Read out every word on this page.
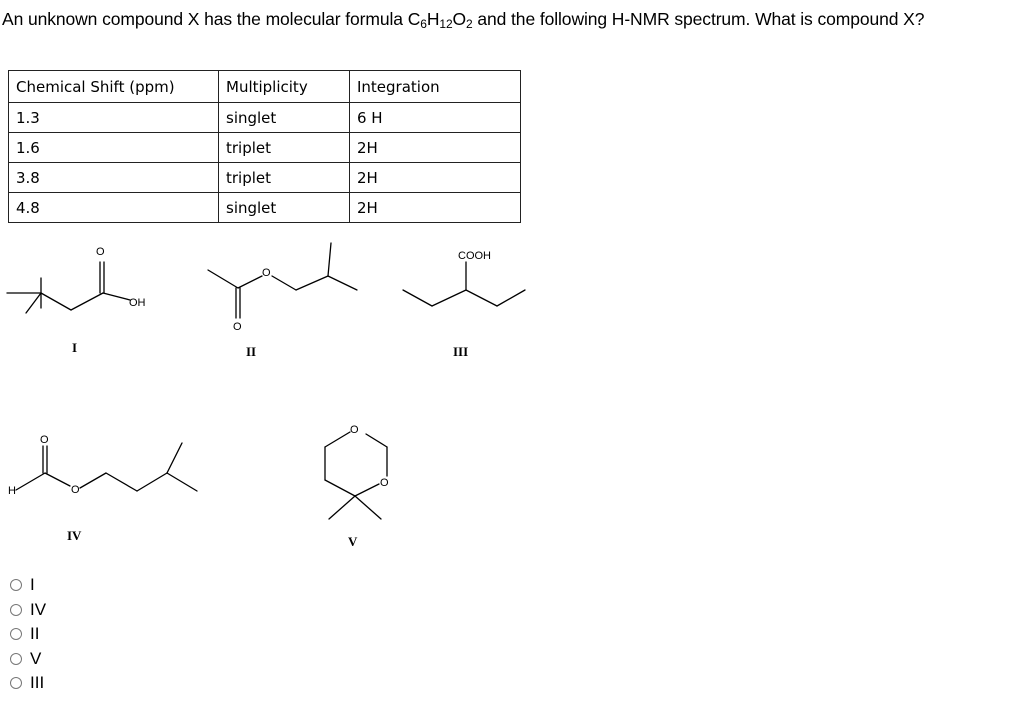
An unknown compound X has the molecular formula $C_6H_{12}O_2$ and the following H-NMR spectrum. What is compound X?
Chemical Shift (ppm)	Multiplicity	Integration
1.3	singlet	6 H
1.6	triplet	2H
3.8	triplet	2H
4.8	singlet	2H
O
OH
O
O
COOH
O
H	O
O
O
I	II	III
IV	V
I
IV
II
V
III
